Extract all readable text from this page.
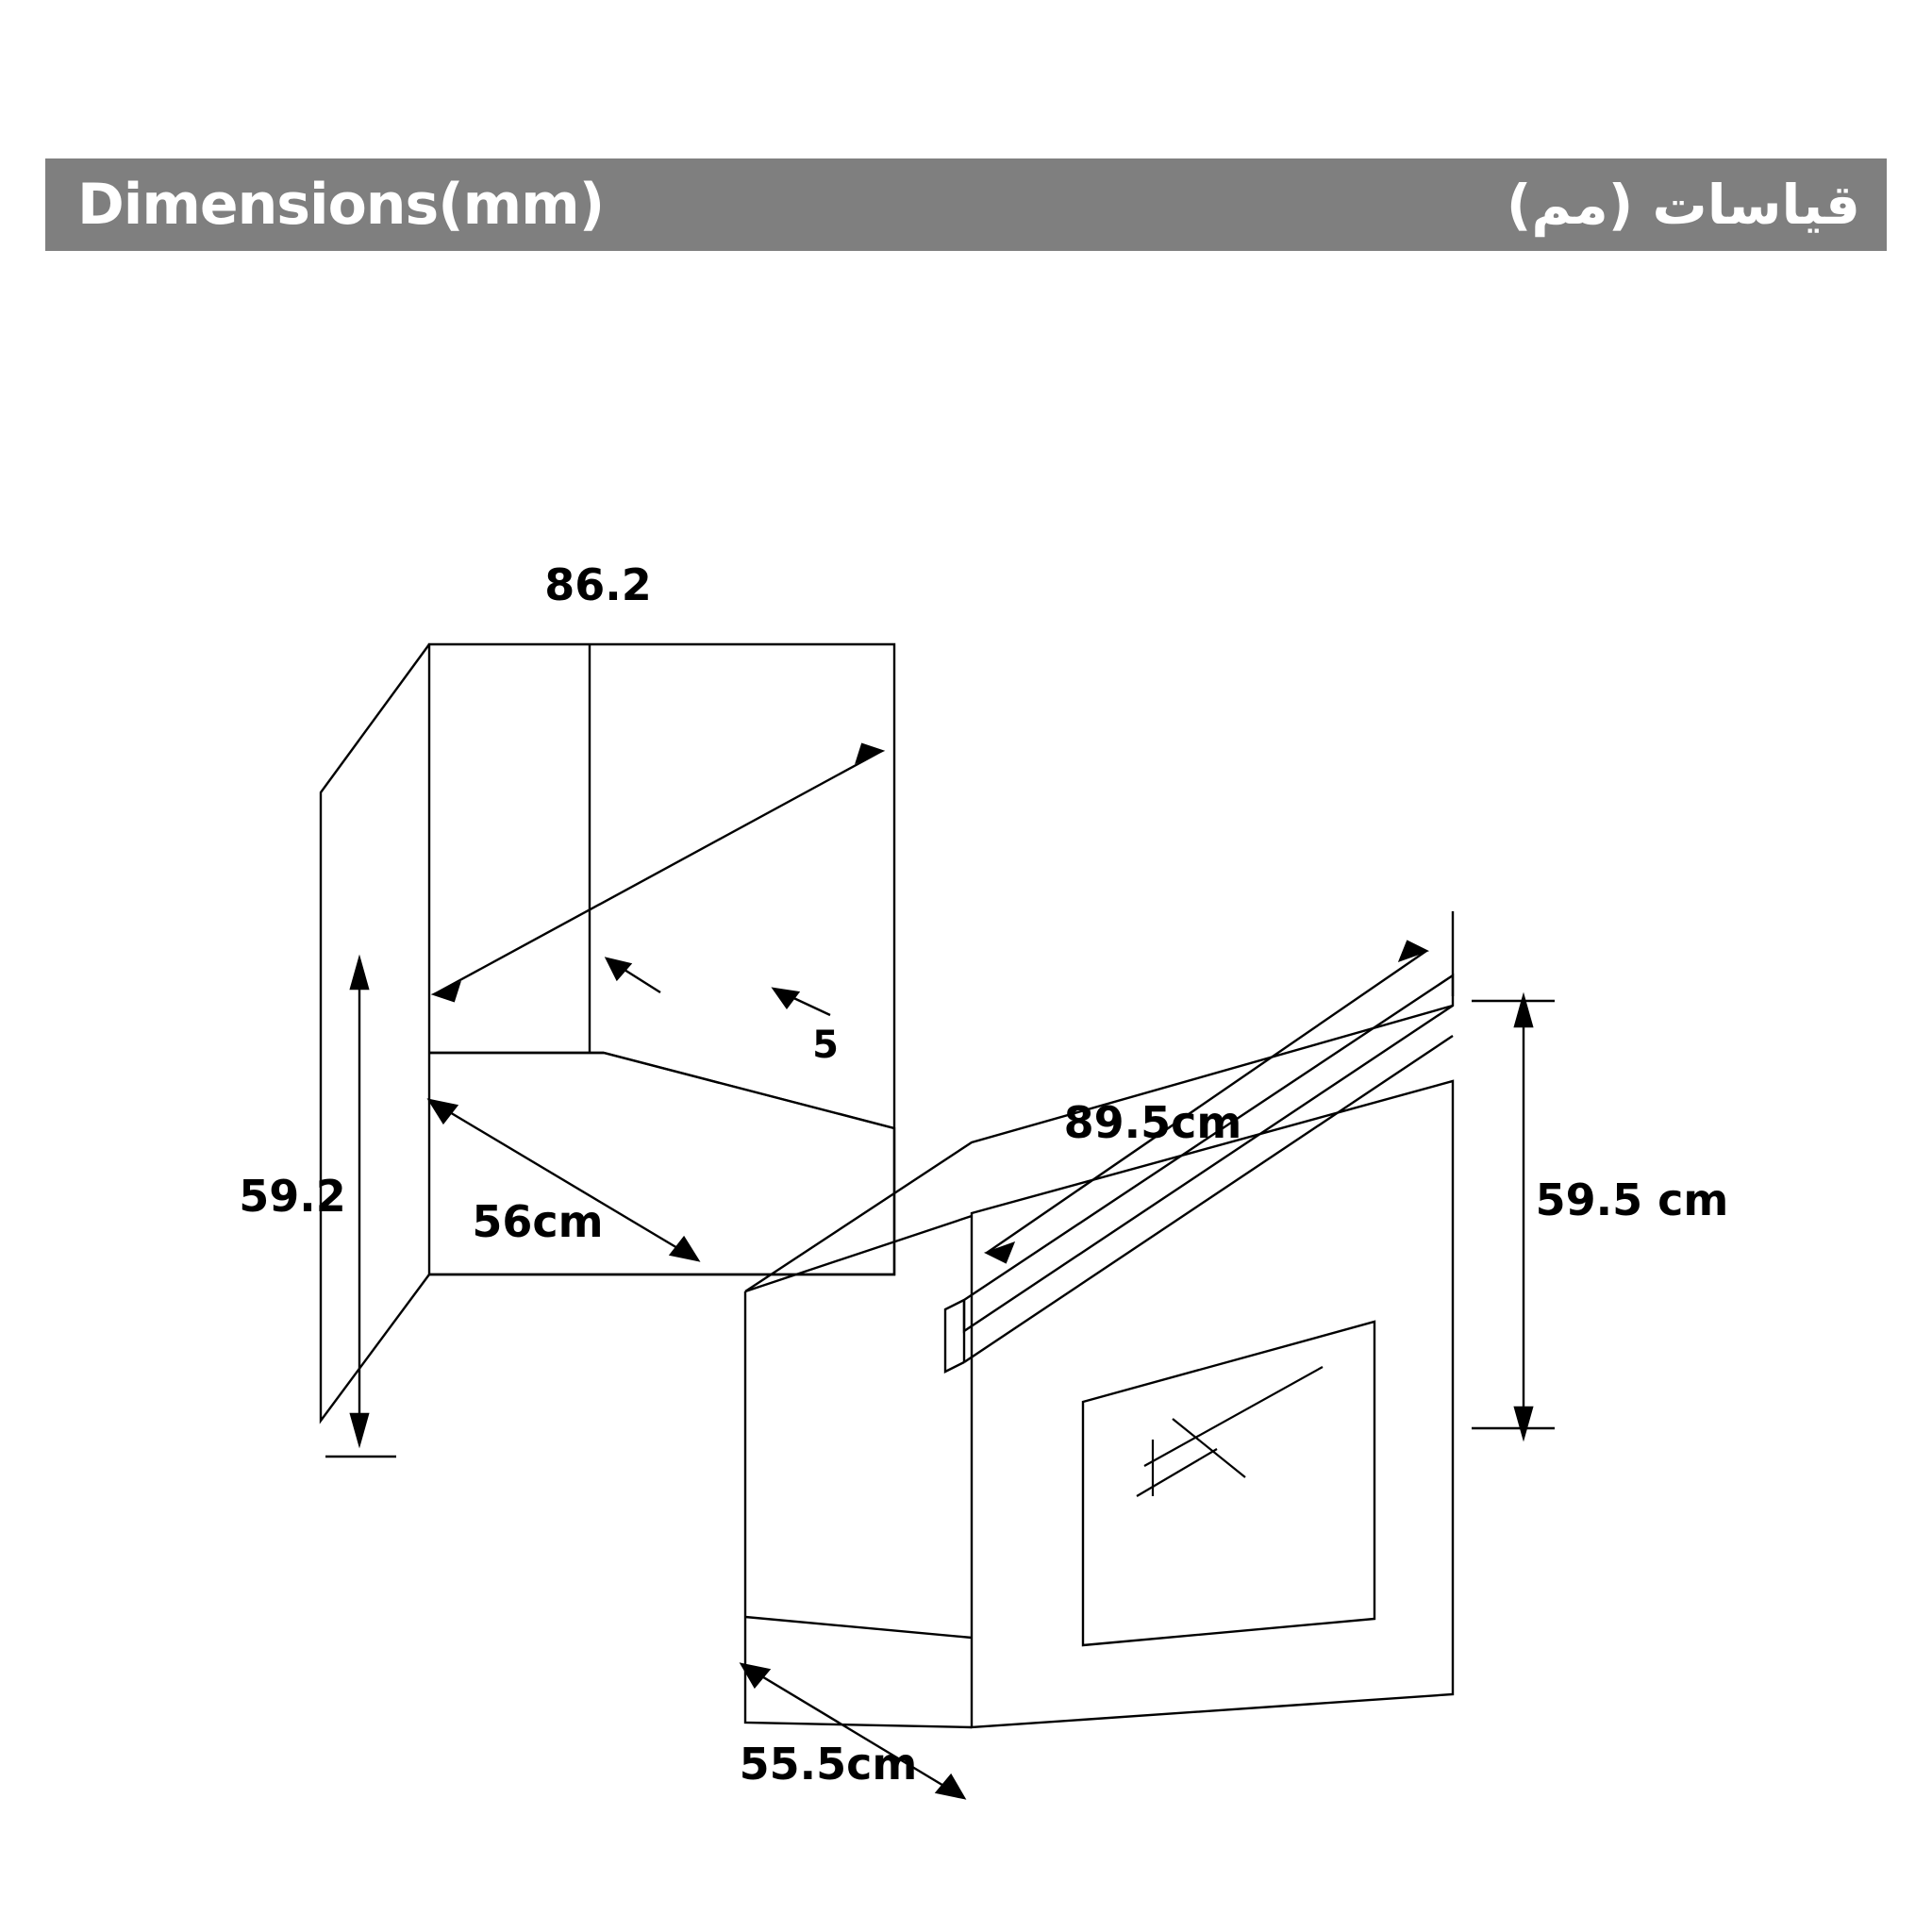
Dimensions(mm)	قياسات (مم)
86.2
59.2	56cm
5
89.5cm
59.5 cm
55.5cm
